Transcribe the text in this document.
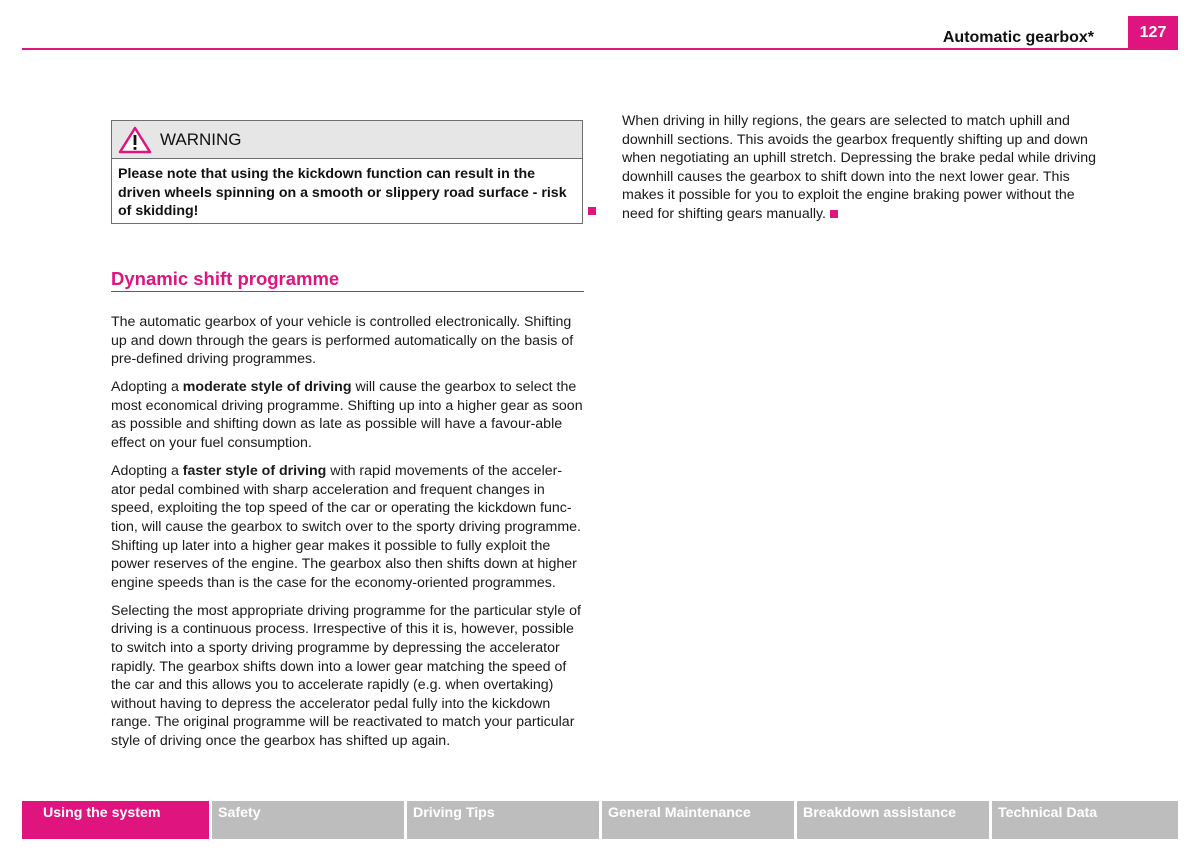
Automatic gearbox*	127
WARNING
Please note that using the kickdown function can result in the driven wheels spinning on a smooth or slippery road surface - risk of skidding!
Dynamic shift programme

The automatic gearbox of your vehicle is controlled electronically. Shifting up and down through the gears is performed automatically on the basis of pre-defined driving programmes.

Adopting a moderate style of driving will cause the gearbox to select the most economical driving programme. Shifting up into a higher gear as soon as possible and shifting down as late as possible will have a favour-able effect on your fuel consumption.

Adopting a faster style of driving with rapid movements of the acceler-ator pedal combined with sharp acceleration and frequent changes in speed, exploiting the top speed of the car or operating the kickdown func-tion, will cause the gearbox to switch over to the sporty driving programme. Shifting up later into a higher gear makes it possible to fully exploit the power reserves of the engine. The gearbox also then shifts down at higher engine speeds than is the case for the economy-oriented programmes.

Selecting the most appropriate driving programme for the particular style of driving is a continuous process. Irrespective of this it is, however, possible to switch into a sporty driving programme by depressing the accelerator rapidly. The gearbox shifts down into a lower gear matching the speed of the car and this allows you to accelerate rapidly (e.g. when overtaking) without having to depress the accelerator pedal fully into the kickdown range. The original programme will be reactivated to match your particular style of driving once the gearbox has shifted up again.

When driving in hilly regions, the gears are selected to match uphill and downhill sections. This avoids the gearbox frequently shifting up and down when negotiating an uphill stretch. Depressing the brake pedal while driving downhill causes the gearbox to shift down into the next lower gear. This makes it possible for you to exploit the engine braking power without the need for shifting gears manually.

Using the system	Safety	Driving Tips	General Maintenance	Breakdown assistance	Technical Data
